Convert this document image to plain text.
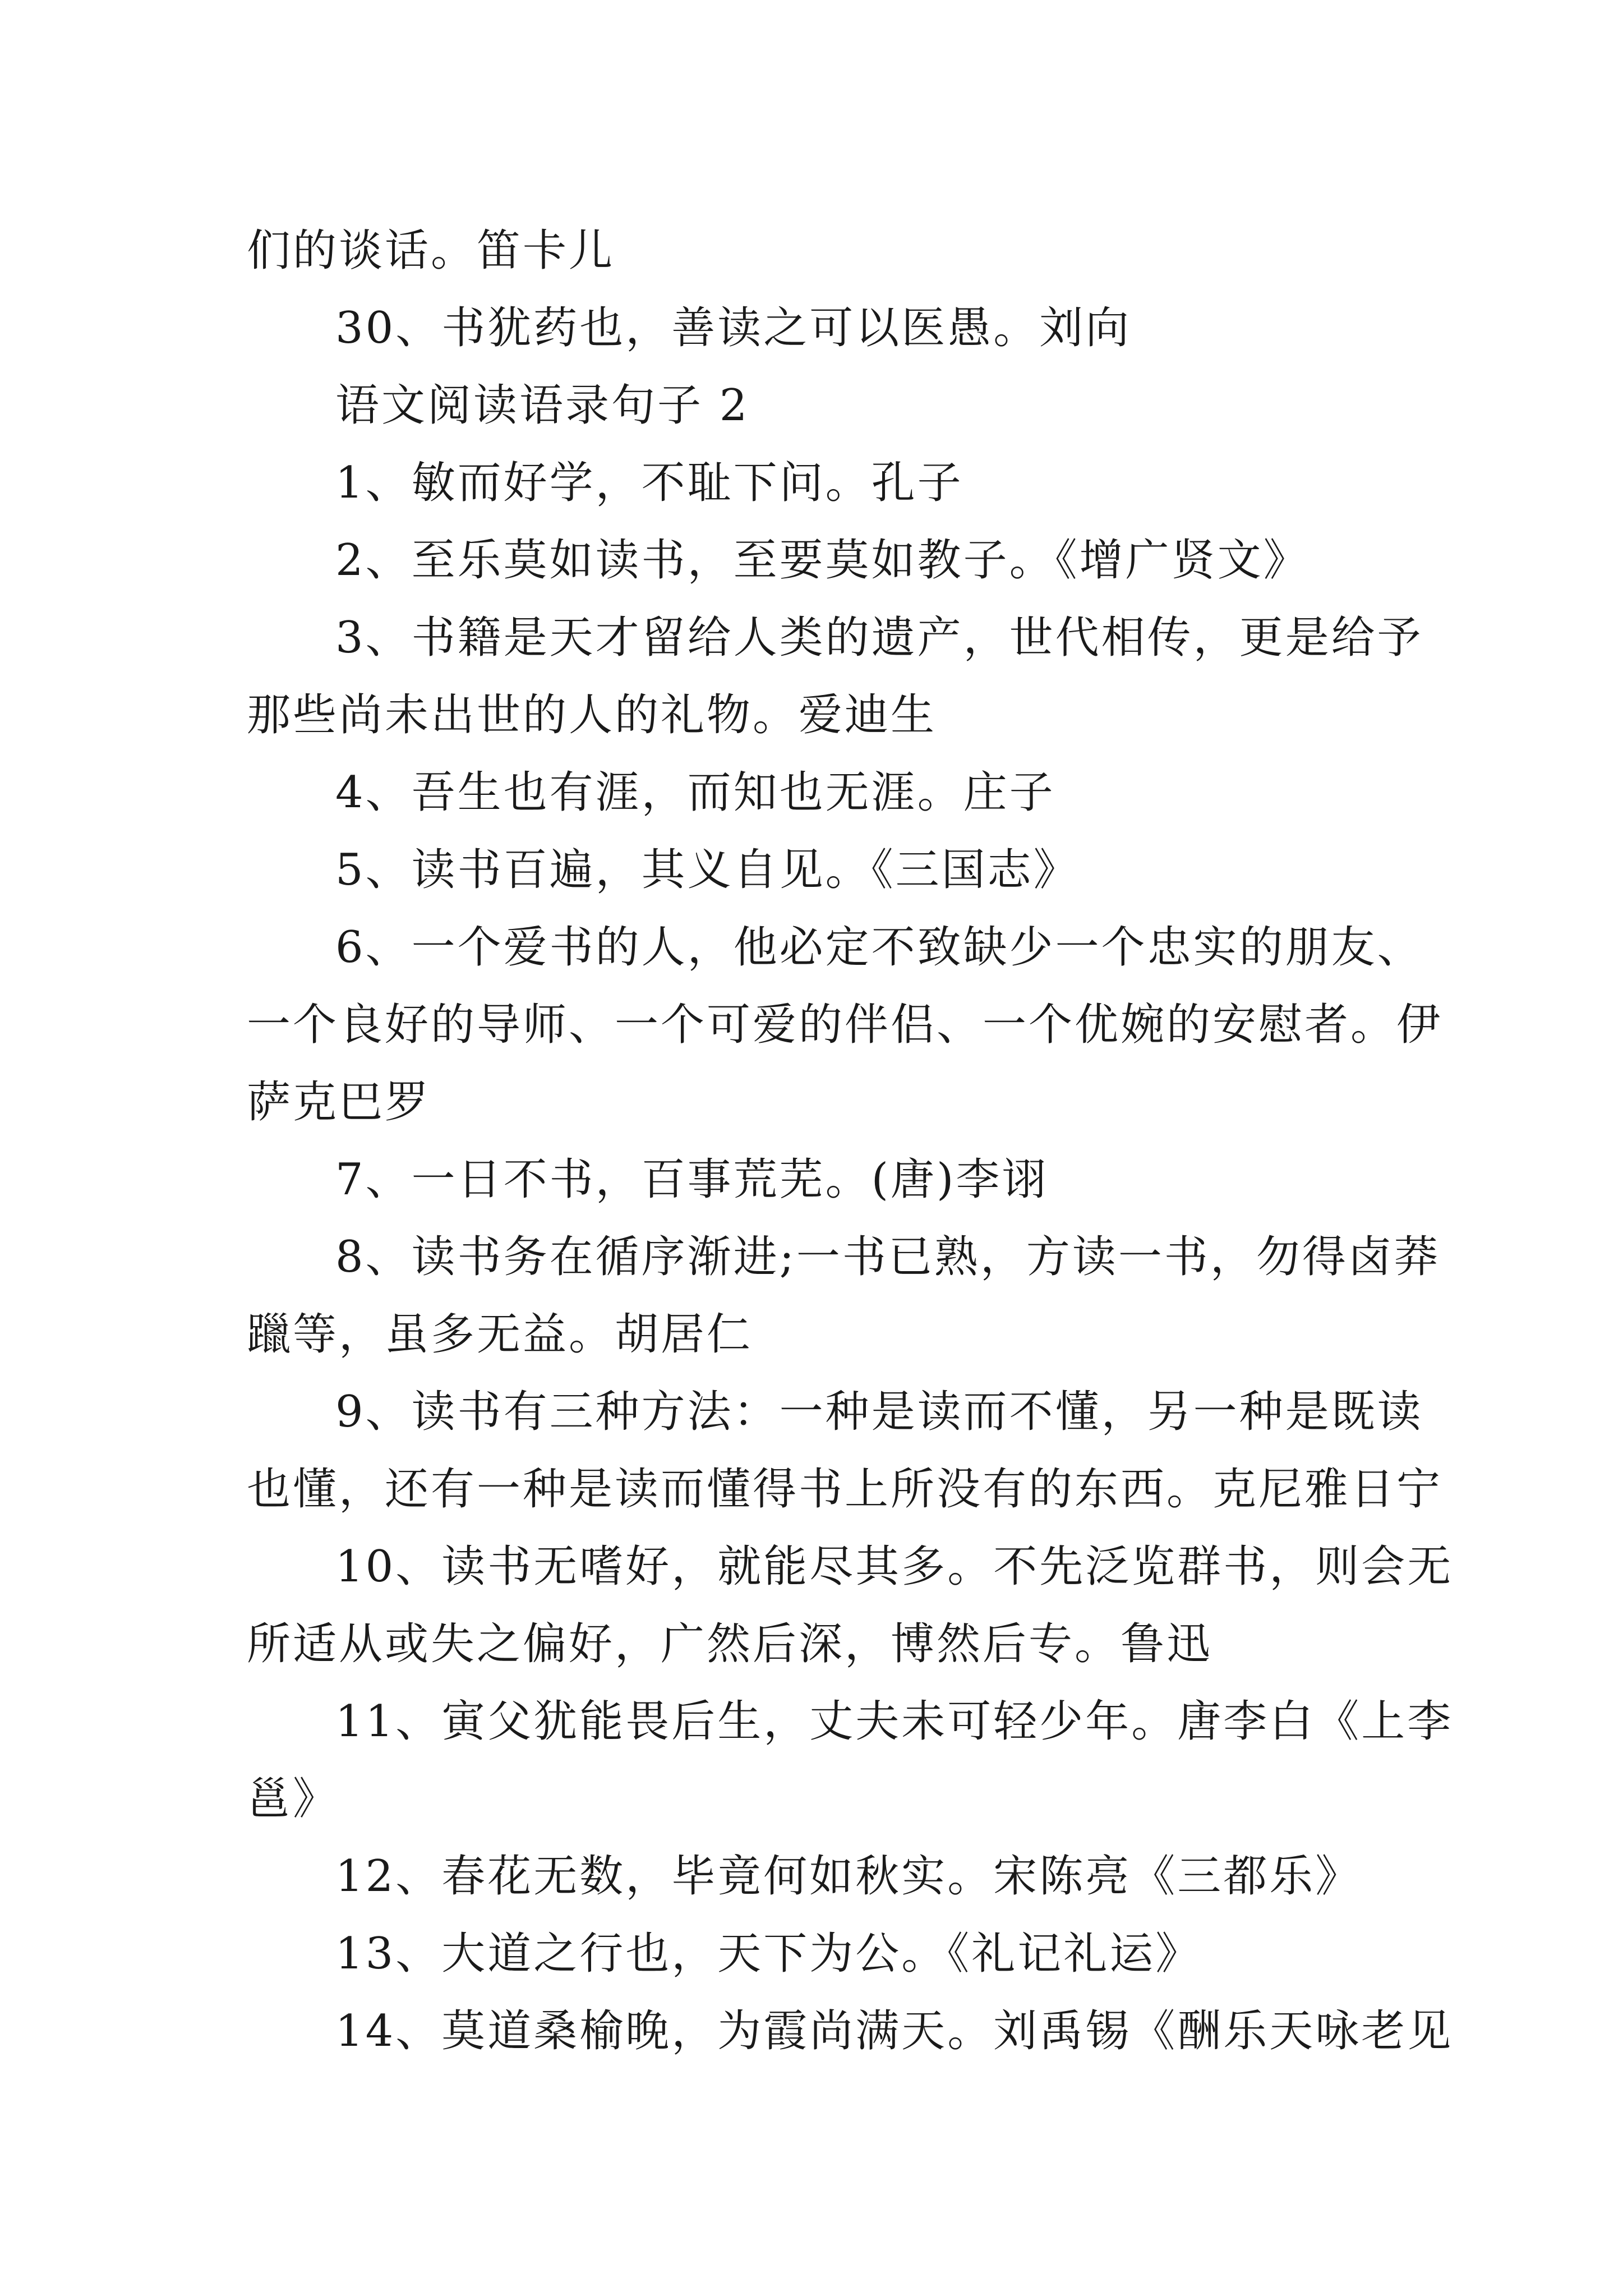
们的谈话。笛卡儿
30、书犹药也，善读之可以医愚。刘向
语文阅读语录句子 2
1、敏而好学，不耻下问。孔子
2、至乐莫如读书，至要莫如教子。《增广贤文》
3、书籍是天才留给人类的遗产，世代相传，更是给予
那些尚未出世的人的礼物。爱迪生
4、吾生也有涯，而知也无涯。庄子
5、读书百遍，其义自见。《三国志》
6、一个爱书的人，他必定不致缺少一个忠实的朋友、
一个良好的导师、一个可爱的伴侣、一个优婉的安慰者。伊
萨克巴罗
7、一日不书，百事荒芜。(唐)李诩
8、读书务在循序渐进;一书已熟，方读一书，勿得卤莽
躐等，虽多无益。胡居仁
9、读书有三种方法：一种是读而不懂，另一种是既读
也懂，还有一种是读而懂得书上所没有的东西。克尼雅日宁
10、读书无嗜好，就能尽其多。不先泛览群书，则会无
所适从或失之偏好，广然后深，博然后专。鲁迅
11、寅父犹能畏后生，丈夫未可轻少年。唐李白《上李
邕》
12、春花无数，毕竟何如秋实。宋陈亮《三都乐》
13、大道之行也，天下为公。《礼记礼运》
14、莫道桑榆晚，为霞尚满天。刘禹锡《酬乐天咏老见
